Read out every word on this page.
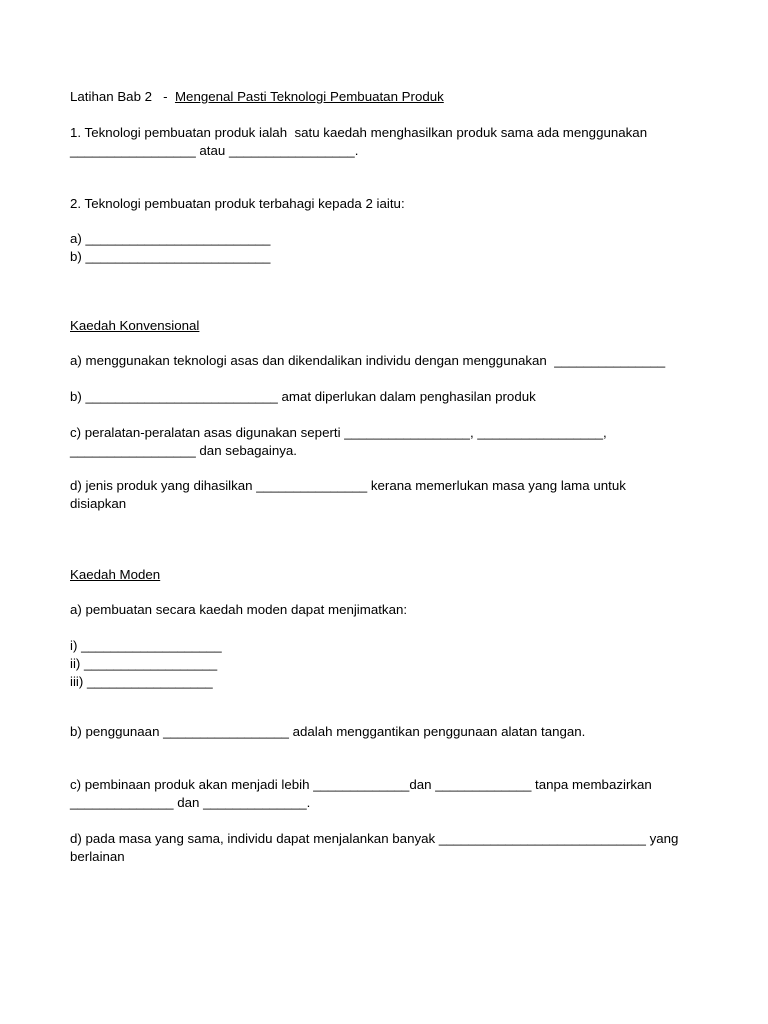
Latihan Bab 2   -  Mengenal Pasti Teknologi Pembuatan Produk
1. Teknologi pembuatan produk ialah  satu kaedah menghasilkan produk sama ada menggunakan
_________________ atau _________________.
2. Teknologi pembuatan produk terbahagi kepada 2 iaitu:
a) _________________________
b) _________________________
Kaedah Konvensional
a) menggunakan teknologi asas dan dikendalikan individu dengan menggunakan  _______________
b) __________________________ amat diperlukan dalam penghasilan produk
c) peralatan-peralatan asas digunakan seperti _________________, _________________,
_________________ dan sebagainya.
d) jenis produk yang dihasilkan _______________ kerana memerlukan masa yang lama untuk
disiapkan
Kaedah Moden
a) pembuatan secara kaedah moden dapat menjimatkan:
i) ___________________
ii) __________________
iii) _________________
b) penggunaan _________________ adalah menggantikan penggunaan alatan tangan.
c) pembinaan produk akan menjadi lebih _____________dan _____________ tanpa membazirkan
______________ dan ______________.
d) pada masa yang sama, individu dapat menjalankan banyak ____________________________ yang
berlainan
